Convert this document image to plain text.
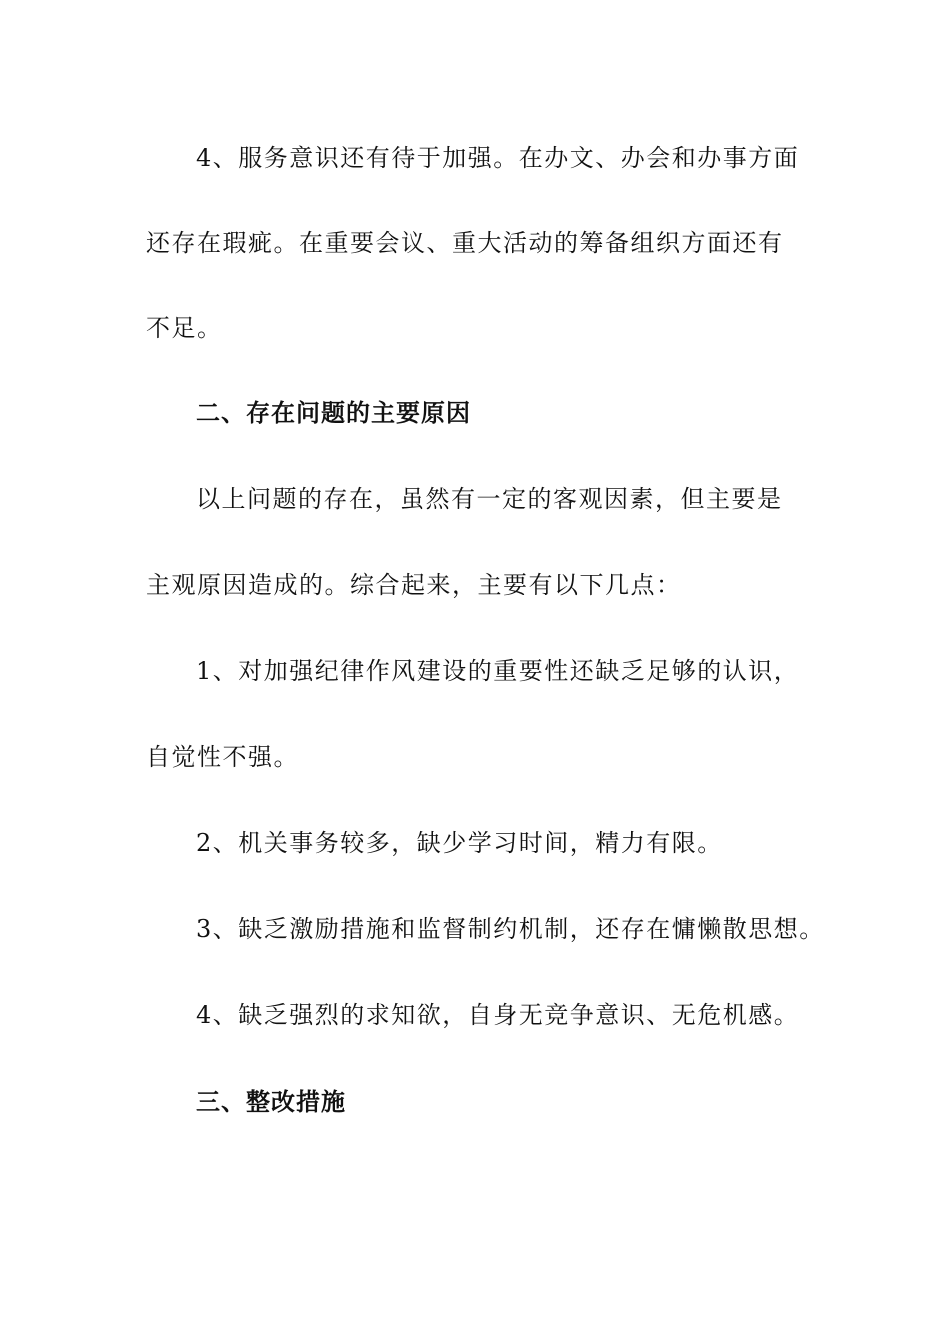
4、服务意识还有待于加强。在办文、办会和办事方面
还存在瑕疵。在重要会议、重大活动的筹备组织方面还有
不足。
二、存在问题的主要原因
以上问题的存在，虽然有一定的客观因素，但主要是
主观原因造成的。综合起来，主要有以下几点：
1、对加强纪律作风建设的重要性还缺乏足够的认识，
自觉性不强。
2、机关事务较多，缺少学习时间，精力有限。
3、缺乏激励措施和监督制约机制，还存在慵懒散思想。
4、缺乏强烈的求知欲，自身无竞争意识、无危机感。
三、整改措施
